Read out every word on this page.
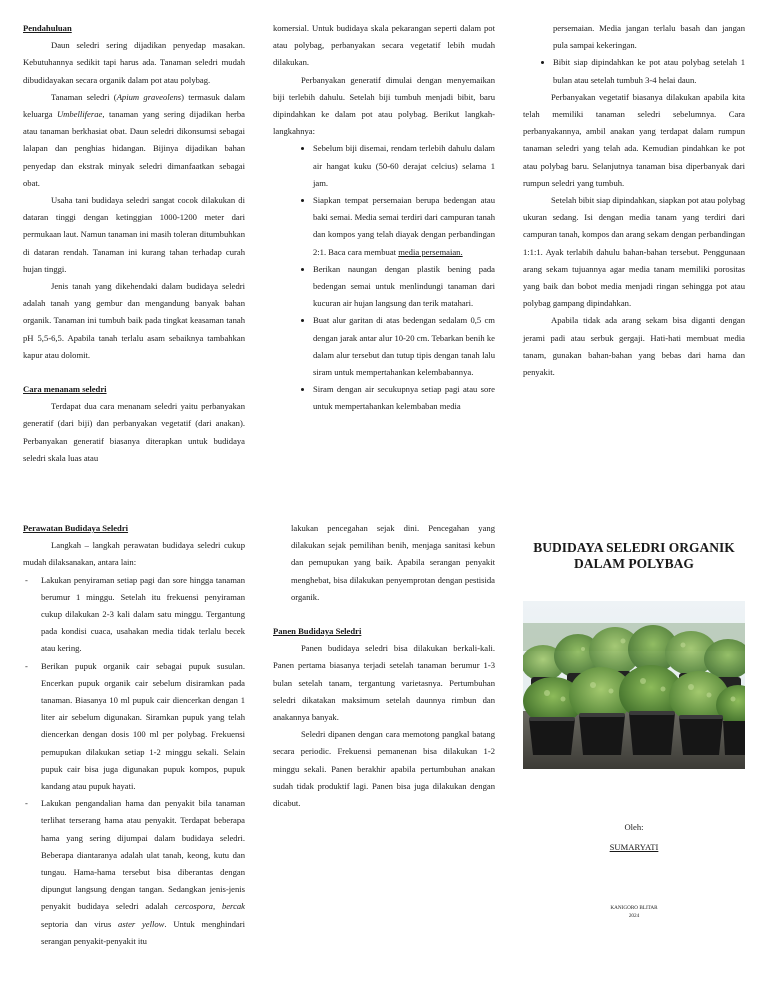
Pendahuluan

Daun seledri sering dijadikan penyedap masakan. Kebutuhannya sedikit tapi harus ada. Tanaman seledri mudah dibudidayakan secara organik dalam pot atau polybag.

Tanaman seledri (Apium graveolens) termasuk dalam keluarga Umbelliferae, tanaman yang sering dijadikan herba atau tanaman berkhasiat obat. Daun seledri dikonsumsi sebagai lalapan dan penghias hidangan. Bijinya dijadikan bahan penyedap dan ekstrak minyak seledri dimanfaatkan sebagai obat.

Usaha tani budidaya seledri sangat cocok dilakukan di dataran tinggi dengan ketinggian 1000-1200 meter dari permukaan laut. Namun tanaman ini masih toleran ditumbuhkan di dataran rendah. Tanaman ini kurang tahan terhadap curah hujan tinggi.

Jenis tanah yang dikehendaki dalam budidaya seledri adalah tanah yang gembur dan mengandung banyak bahan organik. Tanaman ini tumbuh baik pada tingkat keasaman tanah pH 5,5-6,5. Apabila tanah terlalu asam sebaiknya tambahkan kapur atau dolomit.

Cara menanam seledri

Terdapat dua cara menanam seledri yaitu perbanyakan generatif (dari biji) dan perbanyakan vegetatif (dari anakan). Perbanyakan generatif biasanya diterapkan untuk budidaya seledri skala luas atau

komersial. Untuk budidaya skala pekarangan seperti dalam pot atau polybag, perbanyakan secara vegetatif lebih mudah dilakukan.

Perbanyakan generatif dimulai dengan menyemaikan biji terlebih dahulu. Setelah biji tumbuh menjadi bibit, baru dipindahkan ke dalam pot atau polybag. Berikut langkah-langkahnya:

• Sebelum biji disemai, rendam terlebih dahulu dalam air hangat kuku (50-60 derajat celcius) selama 1 jam.
• Siapkan tempat persemaian berupa bedengan atau baki semai. Media semai terdiri dari campuran tanah dan kompos yang telah diayak dengan perbandingan 2:1. Baca cara membuat media persemaian.
• Berikan naungan dengan plastik bening pada bedengan semai untuk menlindungi tanaman dari kucuran air hujan langsung dan terik matahari.
• Buat alur garitan di atas bedengan sedalam 0,5 cm dengan jarak antar alur 10-20 cm. Tebarkan benih ke dalam alur tersebut dan tutup tipis dengan tanah lalu siram untuk mempertahankan kelembabannya.
• Siram dengan air secukupnya setiap pagi atau sore untuk mempertahankan kelembaban media

persemaian. Media jangan terlalu basah dan jangan pula sampai kekeringan.

• Bibit siap dipindahkan ke pot atau polybag setelah 1 bulan atau setelah tumbuh 3-4 helai daun.

Perbanyakan vegetatif biasanya dilakukan apabila kita telah memiliki tanaman seledri sebelumnya. Cara perbanyakannya, ambil anakan yang terdapat dalam rumpun tanaman seledri yang telah ada. Kemudian pindahkan ke pot atau polybag baru. Selanjutnya tanaman bisa diperbanyak dari rumpun seledri yang tumbuh.

Setelah bibit siap dipindahkan, siapkan pot atau polybag ukuran sedang. Isi dengan media tanam yang terdiri dari campuran tanah, kompos dan arang sekam dengan perbandingan 1:1:1. Ayak terlabih dahulu bahan-bahan tersebut. Penggunaan arang sekam tujuannya agar media tanam memiliki porositas yang baik dan bobot media menjadi ringan sehingga pot atau polybag gampang dipindahkan.

Apabila tidak ada arang sekam bisa diganti dengan jerami padi atau serbuk gergaji. Hati-hati membuat media tanam, gunakan bahan-bahan yang bebas dari hama dan penyakit.

Perawatan Budidaya Seledri

Langkah – langkah perawatan budidaya seledri cukup mudah dilaksanakan, antara lain:

- Lakukan penyiraman setiap pagi dan sore hingga tanaman berumur 1 minggu. Setelah itu frekuensi penyiraman cukup dilakukan 2-3 kali dalam satu minggu. Tergantung pada kondisi cuaca, usahakan media tidak terlalu becek atau kering.
- Berikan pupuk organik cair sebagai pupuk susulan. Encerkan pupuk organik cair sebelum disiramkan pada tanaman. Biasanya 10 ml pupuk cair diencerkan dengan 1 liter air sebelum digunakan. Siramkan pupuk yang telah diencerkan dengan dosis 100 ml per polybag. Frekuensi pemupukan dilakukan setiap 1-2 minggu sekali. Selain pupuk cair bisa juga digunakan pupuk kompos, pupuk kandang atau pupuk hayati.
- Lakukan pengandalian hama dan penyakit bila tanaman terlihat terserang hama atau penyakit. Terdapat beberapa hama yang sering dijumpai dalam budidaya seledri. Beberapa diantaranya adalah ulat tanah, keong, kutu dan tungau. Hama-hama tersebut bisa diberantas dengan dipungut langsung dengan tangan. Sedangkan jenis-jenis penyakit budidaya seledri adalah cercospora, bercak septoria dan virus aster yellow. Untuk menghindari serangan penyakit-penyakit itu

lakukan pencegahan sejak dini. Pencegahan yang dilakukan sejak pemilihan benih, menjaga sanitasi kebun dan pemupukan yang baik. Apabila serangan penyakit menghebat, bisa dilakukan penyemprotan dengan pestisida organik.

Panen Budidaya Seledri

Panen budidaya seledri bisa dilakukan berkali-kali. Panen pertama biasanya terjadi setelah tanaman berumur 1-3 bulan setelah tanam, tergantung varietasnya. Pertumbuhan seledri dikatakan maksimum setelah daunnya rimbun dan anakannya banyak.

Seledri dipanen dengan cara memotong pangkal batang secara periodic. Frekuensi pemanenan bisa dilakukan 1-2 minggu sekali. Panen berakhir apabila pertumbuhan anakan sudah tidak produktif lagi. Panen bisa juga dilakukan dengan dicabut.

BUDIDAYA SELEDRI ORGANIK
DALAM POLYBAG
Oleh:
SUMARYATI
KANIGORO BLITAR
2024
